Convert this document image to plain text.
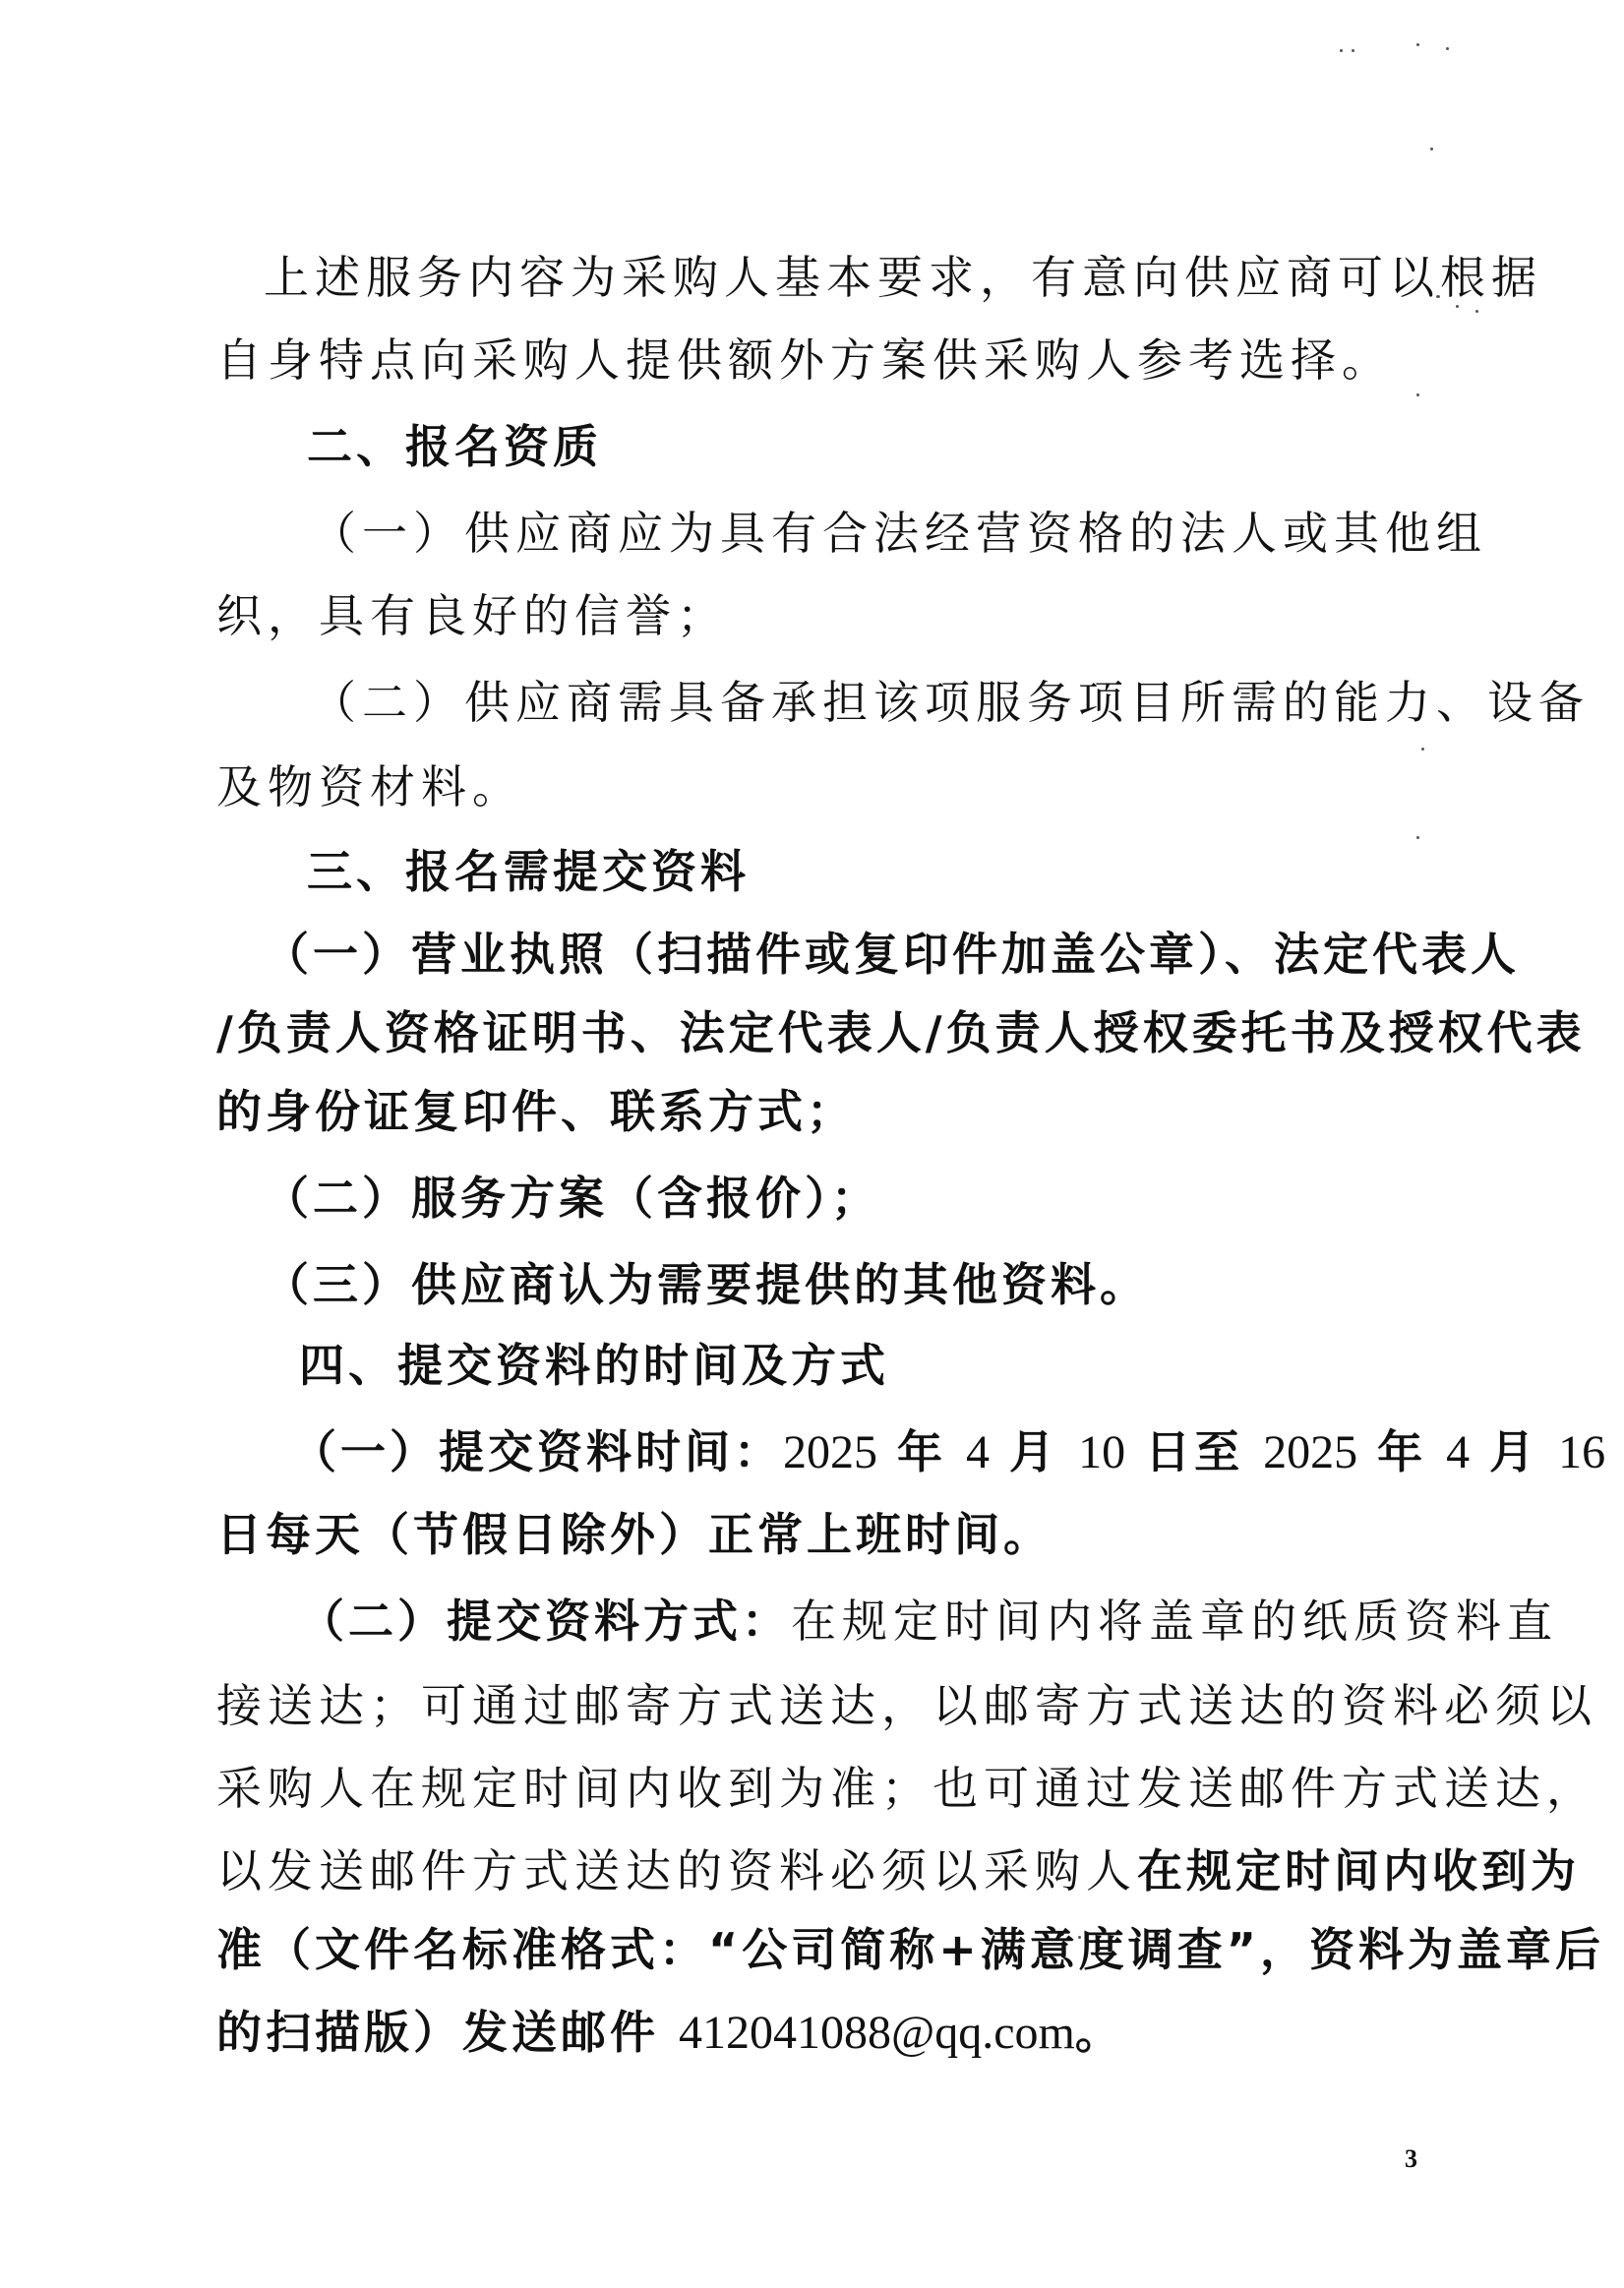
上述服务内容为采购人基本要求，有意向供应商可以根据
自身特点向采购人提供额外方案供采购人参考选择。
二、报名资质
（一）供应商应为具有合法经营资格的法人或其他组
织，具有良好的信誉；
（二）供应商需具备承担该项服务项目所需的能力、设备
及物资材料。
三、报名需提交资料
（一）营业执照（扫描件或复印件加盖公章）、法定代表人
/负责人资格证明书、法定代表人/负责人授权委托书及授权代表
的身份证复印件、联系方式；
（二）服务方案（含报价）；
（三）供应商认为需要提供的其他资料。
四、提交资料的时间及方式
（一）提交资料时间：2025 年 4 月 10 日至 2025 年 4 月 16
日每天（节假日除外）正常上班时间。
（二）提交资料方式：在规定时间内将盖章的纸质资料直
接送达；可通过邮寄方式送达，以邮寄方式送达的资料必须以
采购人在规定时间内收到为准；也可通过发送邮件方式送达，
以发送邮件方式送达的资料必须以采购人在规定时间内收到为
准（文件名标准格式：“公司简称+满意度调查”，资料为盖章后
的扫描版）发送邮件 412041088@qq.com。
3
